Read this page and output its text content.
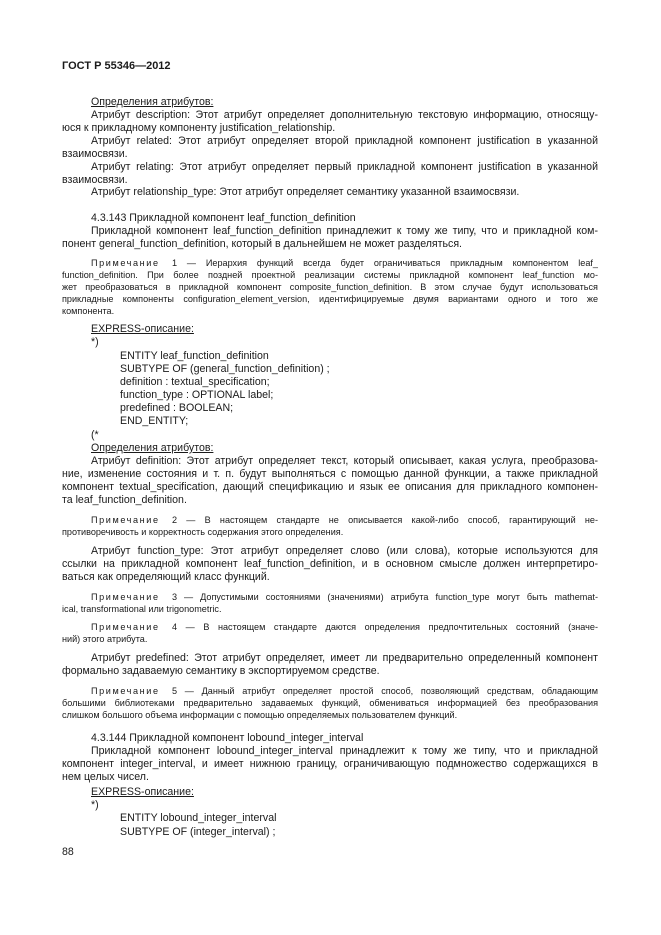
ГОСТ Р 55346—2012
Определения атрибутов:
Атрибут description: Этот атрибут определяет дополнительную текстовую информацию, относящу-
юся к прикладному компоненту justification_relationship.
Атрибут related: Этот атрибут определяет второй прикладной компонент justification в указанной
взаимосвязи.
Атрибут relating: Этот атрибут определяет первый прикладной компонент justification в указанной
взаимосвязи.
Атрибут relationship_type: Этот атрибут определяет семантику указанной взаимосвязи.
4.3.143 Прикладной компонент leaf_function_definition
Прикладной компонент leaf_function_definition принадлежит к тому же типу, что и прикладной ком-
понент general_function_definition, который в дальнейшем не может разделяться.
Примечание 1 — Иерархия функций всегда будет ограничиваться прикладным компонентом leaf_
function_definition. При более поздней проектной реализации системы прикладной компонент leaf_function мо-
жет преобразоваться в прикладной компонент composite_function_definition. В этом случае будут использоваться
прикладные компоненты configuration_element_version, идентифицируемые двумя вариантами одного и того же
компонента.
EXPRESS-описание:
*)
ENTITY leaf_function_definition
SUBTYPE OF (general_function_definition) ;
definition : textual_specification;
function_type : OPTIONAL label;
predefined : BOOLEAN;
END_ENTITY;
(*
Определения атрибутов:
Атрибут definition: Этот атрибут определяет текст, который описывает, какая услуга, преобразова-
ние, изменение состояния и т. п. будут выполняться с помощью данной функции, а также прикладной
компонент textual_specification, дающий спецификацию и язык ее описания для прикладного компонен-
та leaf_function_definition.
Примечание 2 — В настоящем стандарте не описывается какой-либо способ, гарантирующий не-
противоречивость и корректность содержания этого определения.
Атрибут function_type: Этот атрибут определяет слово (или слова), которые используются для
ссылки на прикладной компонент leaf_function_definition, и в основном смысле должен интерпретиро-
ваться как определяющий класс функций.
Примечание 3 — Допустимыми состояниями (значениями) атрибута function_type могут быть mathemat-
ical, transformational или trigonometric.
Примечание 4 — В настоящем стандарте даются определения предпочтительных состояний (значе-
ний) этого атрибута.
Атрибут predefined: Этот атрибут определяет, имеет ли предварительно определенный компонент
формально задаваемую семантику в экспортируемом средстве.
Примечание 5 — Данный атрибут определяет простой способ, позволяющий средствам, обладающим
большими библиотеками предварительно задаваемых функций, обмениваться информацией без преобразования
слишком большого объема информации с помощью определяемых пользователем функций.
4.3.144 Прикладной компонент lobound_integer_interval
Прикладной компонент lobound_integer_interval принадлежит к тому же типу, что и прикладной
компонент integer_interval, и имеет нижнюю границу, ограничивающую подмножество содержащихся в
нем целых чисел.
EXPRESS-описание:
*)
ENTITY lobound_integer_interval
SUBTYPE OF (integer_interval) ;
88
